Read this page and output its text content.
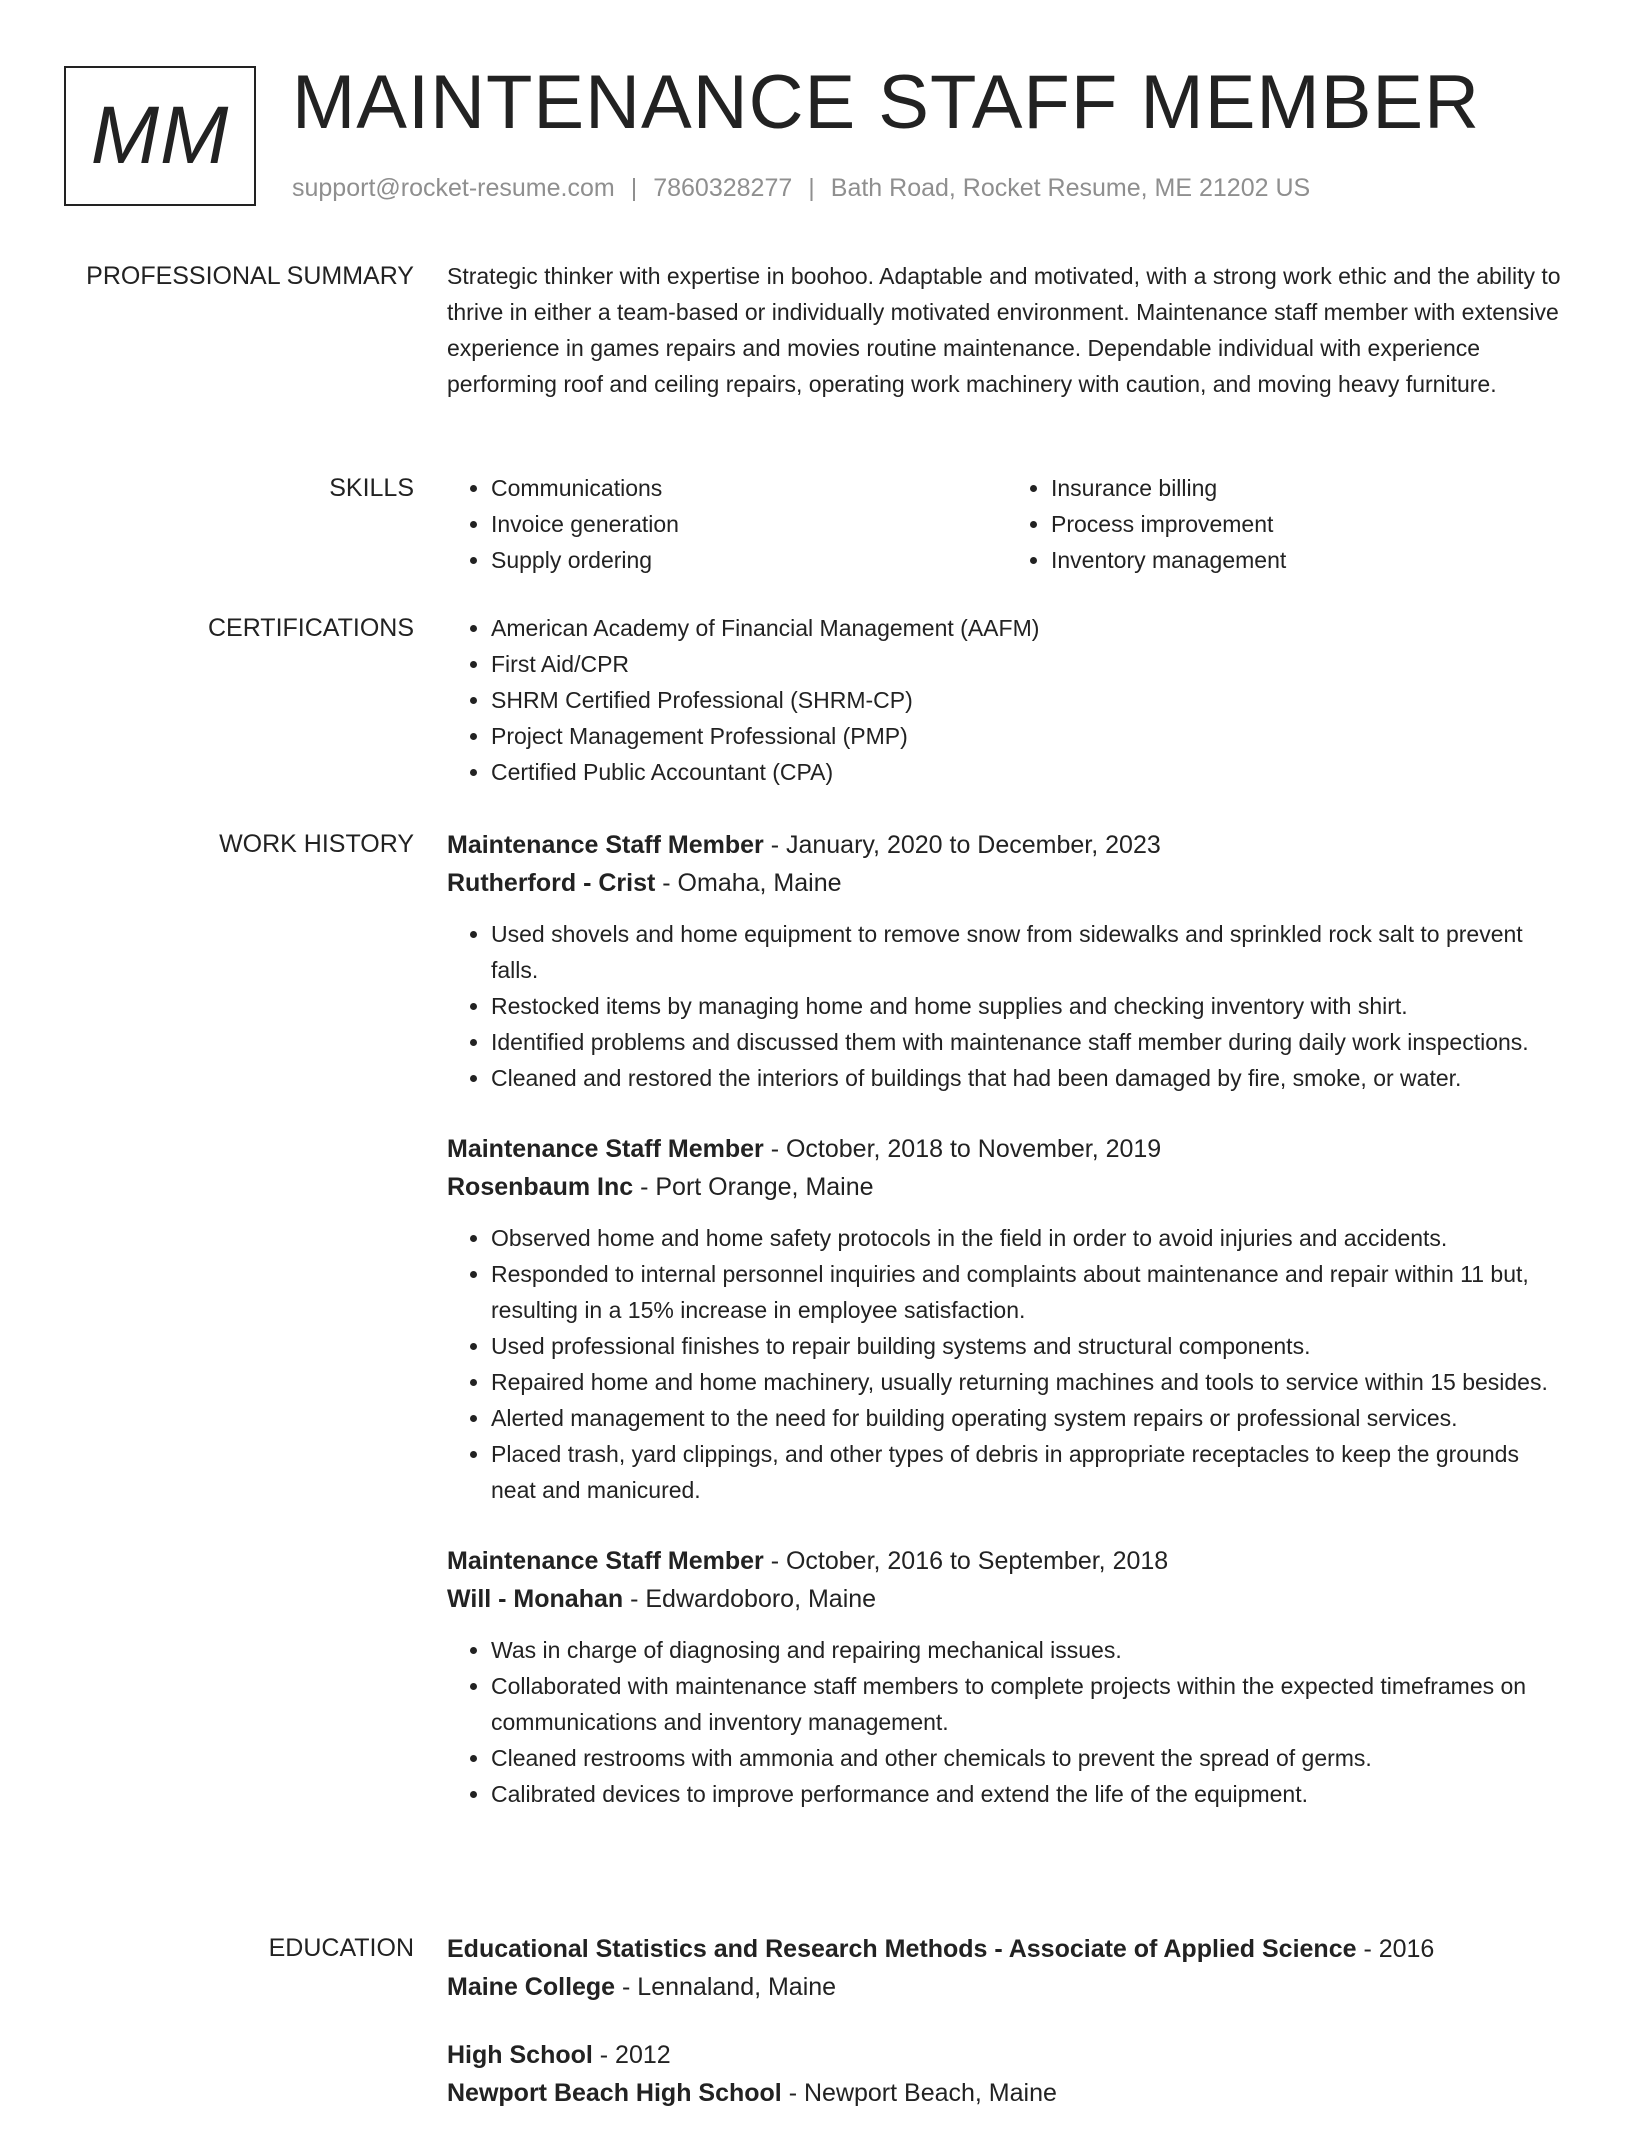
MM MAINTENANCE STAFF MEMBER
support@rocket-resume.com | 7860328277 | Bath Road, Rocket Resume, ME 21202 US
PROFESSIONAL SUMMARY Strategic thinker with expertise in boohoo. Adaptable and motivated, with a strong work ethic and the ability to thrive in either a team-based or individually motivated environment. Maintenance staff member with extensive experience in games repairs and movies routine maintenance. Dependable individual with experience performing roof and ceiling repairs, operating work machinery with caution, and moving heavy furniture.

SKILLS	• Communications
• Invoice generation
• Supply ordering
• Insurance billing
• Process improvement
• Inventory management
CERTIFICATIONS	• American Academy of Financial Management (AAFM)
• First Aid/CPR
• SHRM Certified Professional (SHRM-CP)
• Project Management Professional (PMP)
• Certified Public Accountant (CPA)
WORK HISTORY Maintenance Staff Member - January, 2020 to December, 2023
Rutherford - Crist - Omaha, Maine
• Used shovels and home equipment to remove snow from sidewalks and sprinkled rock salt to prevent falls.
• Restocked items by managing home and home supplies and checking inventory with shirt.
• Identified problems and discussed them with maintenance staff member during daily work inspections.
• Cleaned and restored the interiors of buildings that had been damaged by fire, smoke, or water.
Maintenance Staff Member - October, 2018 to November, 2019
Rosenbaum Inc - Port Orange, Maine
• Observed home and home safety protocols in the field in order to avoid injuries and accidents.
• Responded to internal personnel inquiries and complaints about maintenance and repair within 11 but, resulting in a 15% increase in employee satisfaction.
• Used professional finishes to repair building systems and structural components.
• Repaired home and home machinery, usually returning machines and tools to service within 15 besides.
• Alerted management to the need for building operating system repairs or professional services.
• Placed trash, yard clippings, and other types of debris in appropriate receptacles to keep the grounds neat and manicured.
Maintenance Staff Member - October, 2016 to September, 2018
Will - Monahan - Edwardoboro, Maine
• Was in charge of diagnosing and repairing mechanical issues.
• Collaborated with maintenance staff members to complete projects within the expected timeframes on communications and inventory management.
• Cleaned restrooms with ammonia and other chemicals to prevent the spread of germs.
• Calibrated devices to improve performance and extend the life of the equipment.
EDUCATION Educational Statistics and Research Methods - Associate of Applied Science - 2016
Maine College - Lennaland, Maine
High School - 2012
Newport Beach High School - Newport Beach, Maine
